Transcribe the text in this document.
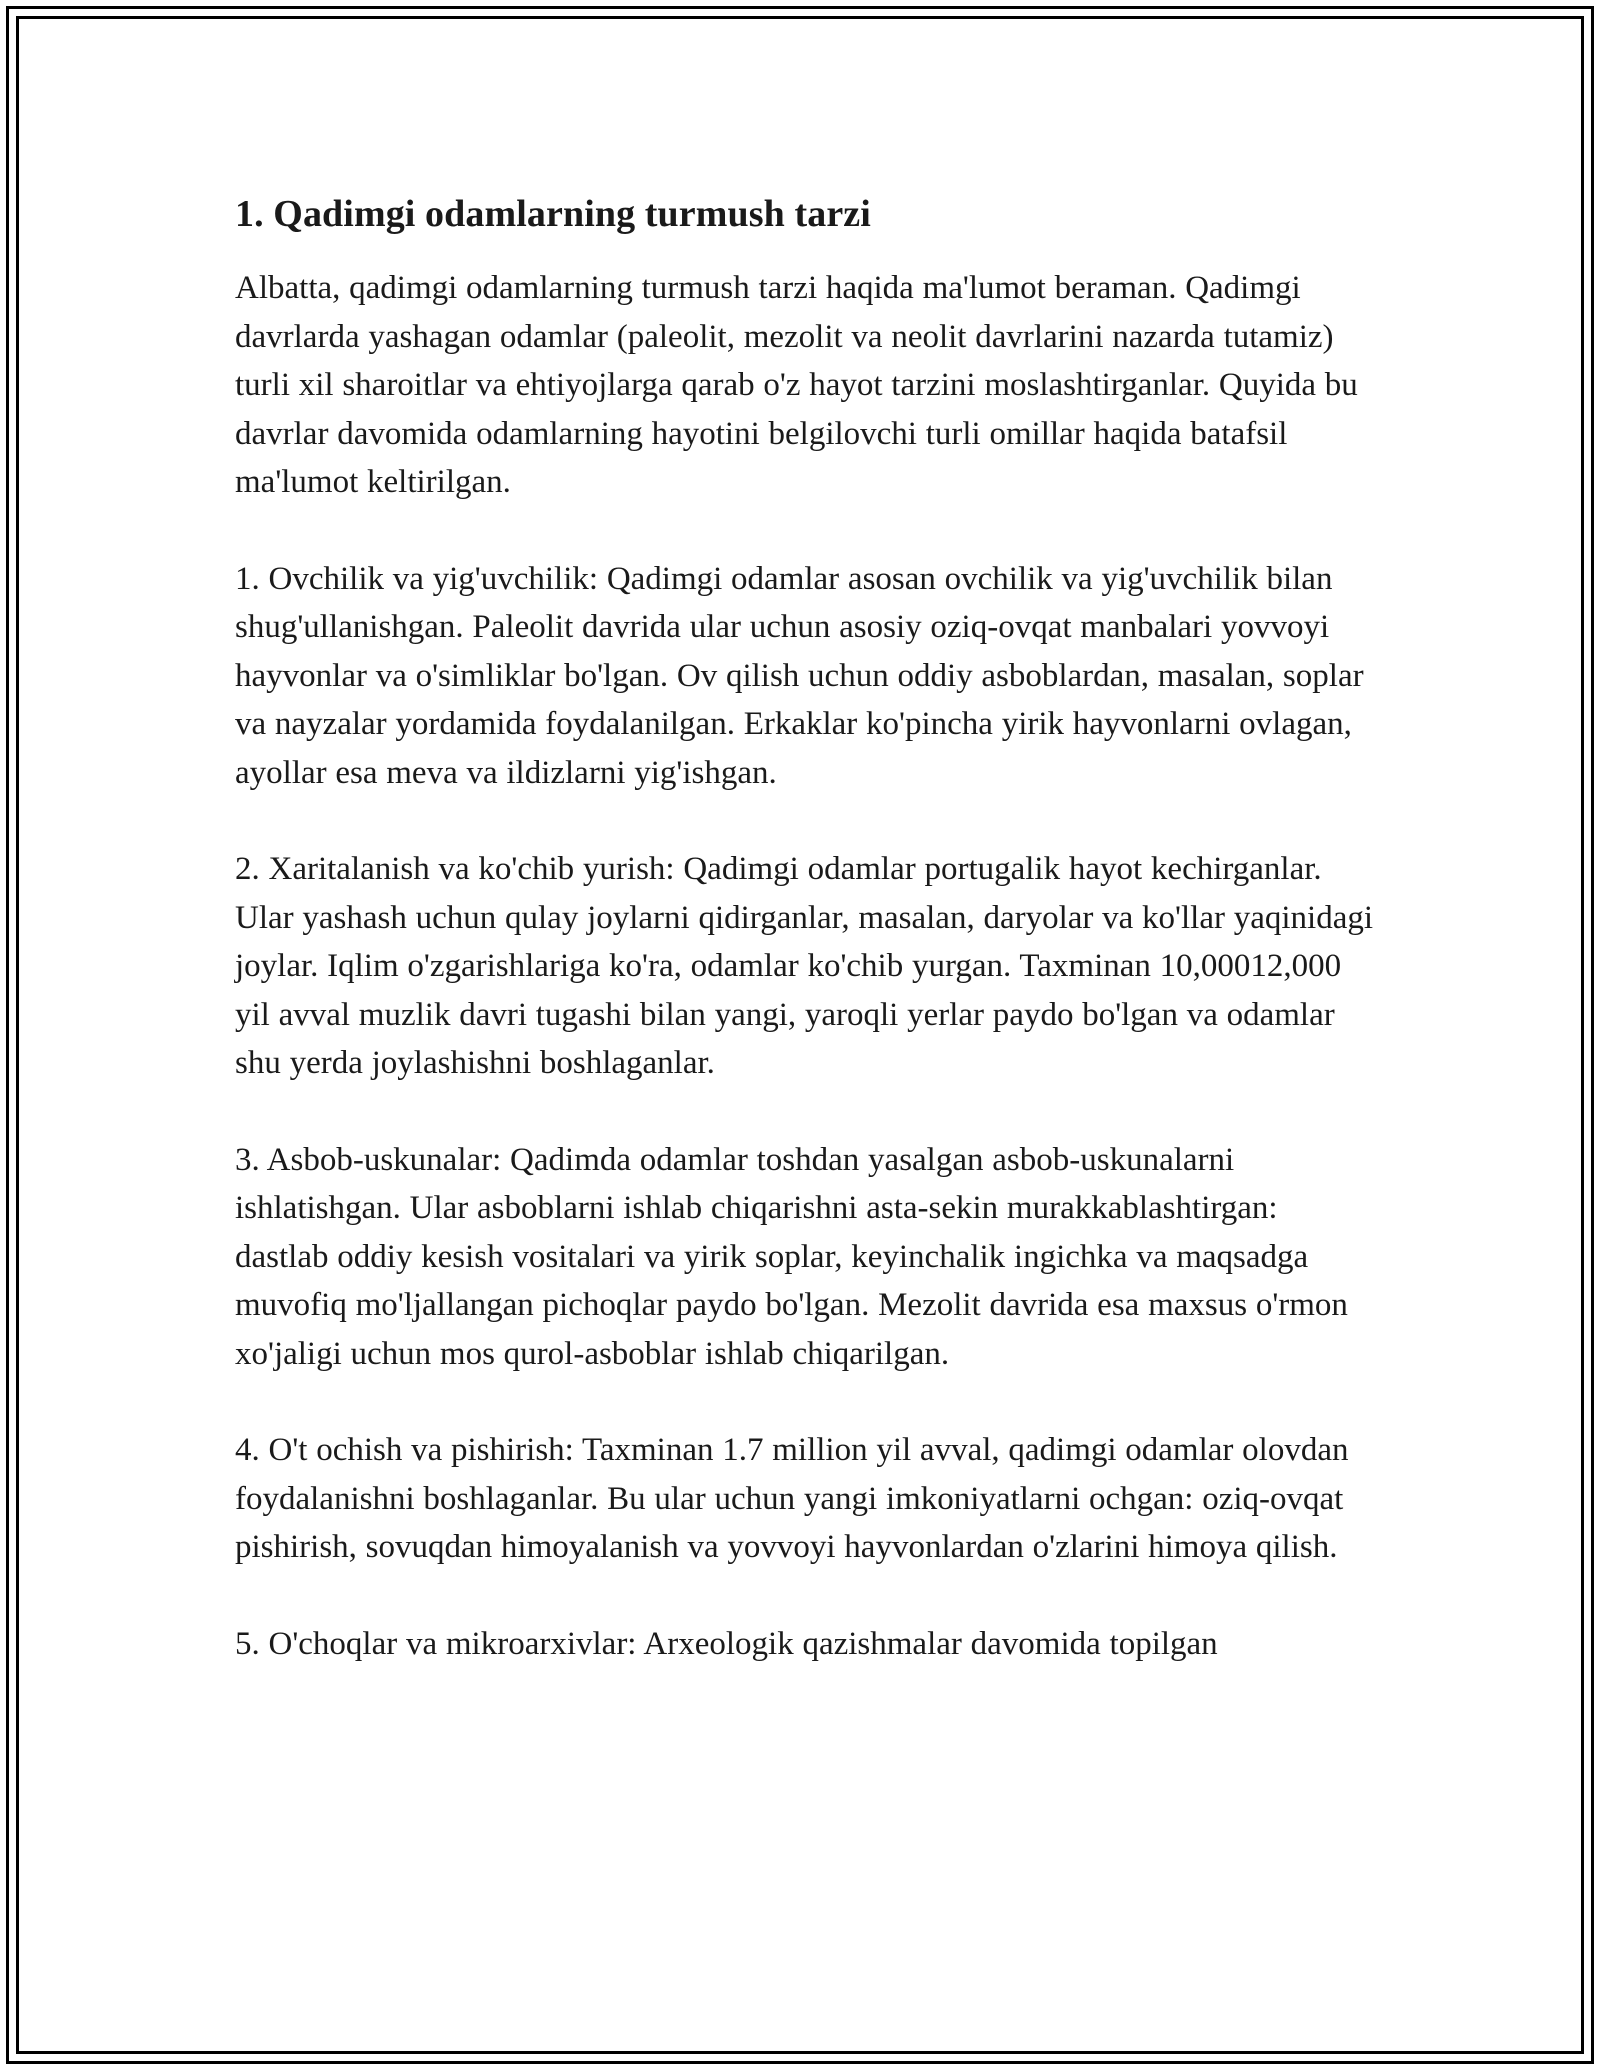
1. Qadimgi odamlarning turmush tarzi

Albatta, qadimgi odamlarning turmush tarzi haqida ma'lumot beraman. Qadimgi davrlarda yashagan odamlar (paleolit, mezolit va neolit davrlarini nazarda tutamiz) turli xil sharoitlar va ehtiyojlarga qarab o'z hayot tarzini moslashtirganlar. Quyida bu davrlar davomida odamlarning hayotini belgilovchi turli omillar haqida batafsil ma'lumot keltirilgan.

1. Ovchilik va yig'uvchilik: Qadimgi odamlar asosan ovchilik va yig'uvchilik bilan shug'ullanishgan. Paleolit davrida ular uchun asosiy oziq-ovqat manbalari yovvoyi hayvonlar va o'simliklar bo'lgan. Ov qilish uchun oddiy asboblardan, masalan, soplar va nayzalar yordamida foydalanilgan. Erkaklar ko'pincha yirik hayvonlarni ovlagan, ayollar esa meva va ildizlarni yig'ishgan.

2. Xaritalanish va ko'chib yurish: Qadimgi odamlar portugalik hayot kechirganlar. Ular yashash uchun qulay joylarni qidirganlar, masalan, daryolar va ko'llar yaqinidagi joylar. Iqlim o'zgarishlariga ko'ra, odamlar ko'chib yurgan. Taxminan 10,00012,000 yil avval muzlik davri tugashi bilan yangi, yaroqli yerlar paydo bo'lgan va odamlar shu yerda joylashishni boshlaganlar.

3. Asbob-uskunalar: Qadimda odamlar toshdan yasalgan asbob-uskunalarni ishlatishgan. Ular asboblarni ishlab chiqarishni asta-sekin murakkablashtirgan: dastlab oddiy kesish vositalari va yirik soplar, keyinchalik ingichka va maqsadga muvofiq mo'ljallangan pichoqlar paydo bo'lgan. Mezolit davrida esa maxsus o'rmon xo'jaligi uchun mos qurol-asboblar ishlab chiqarilgan.

4. O't ochish va pishirish: Taxminan 1.7 million yil avval, qadimgi odamlar olovdan foydalanishni boshlaganlar. Bu ular uchun yangi imkoniyatlarni ochgan: oziq-ovqat pishirish, sovuqdan himoyalanish va yovvoyi hayvonlardan o'zlarini himoya qilish.

5. O'choqlar va mikroarxivlar: Arxeologik qazishmalar davomida topilgan
